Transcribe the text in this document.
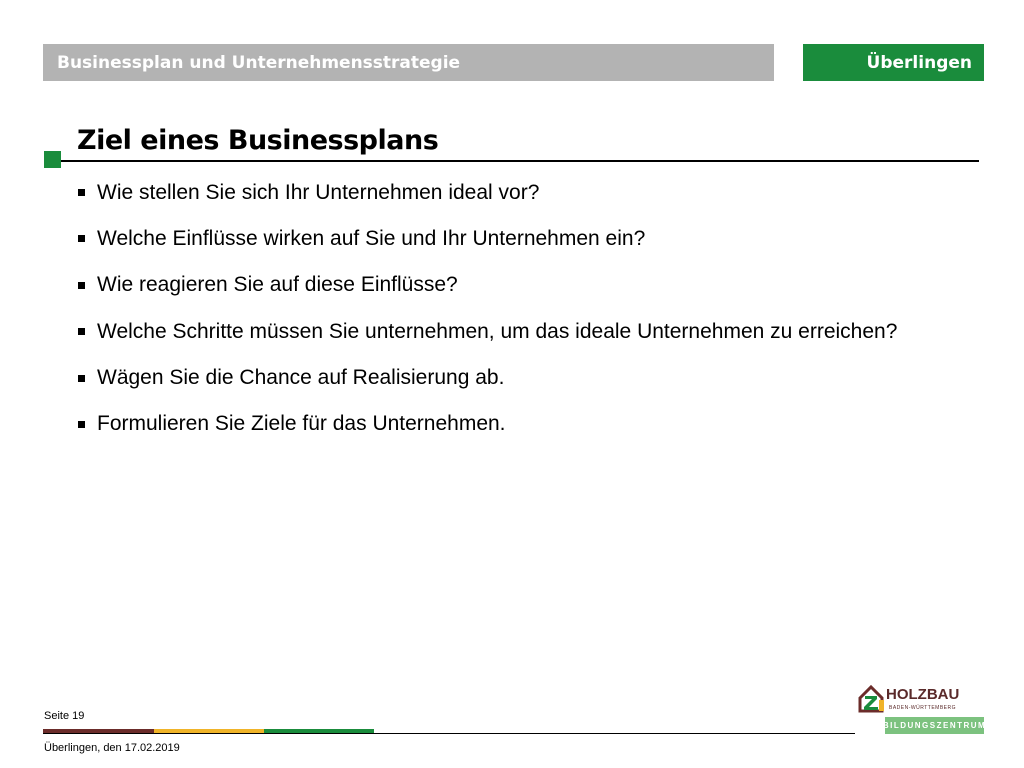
Businessplan und Unternehmensstrategie	Überlingen
Ziel eines Businessplans
Wie stellen Sie sich Ihr Unternehmen ideal vor?
Welche Einflüsse wirken auf Sie und Ihr Unternehmen ein?
Wie reagieren Sie auf diese Einflüsse?
Welche Schritte müssen Sie unternehmen, um das ideale Unternehmen zu erreichen?
Wägen Sie die Chance auf Realisierung ab.
Formulieren Sie Ziele für das Unternehmen.
Seite 19
Überlingen, den 17.02.2019
HOLZBAU
BADEN-WÜRTTEMBERG
BILDUNGSZENTRUM
